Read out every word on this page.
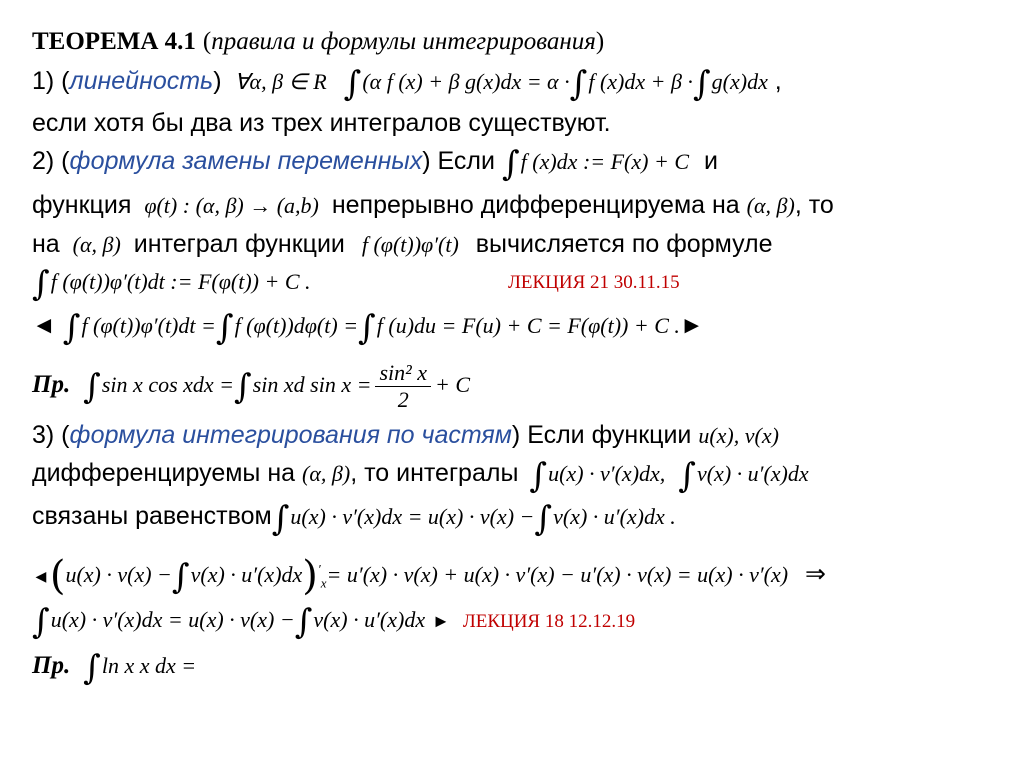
ТЕОРЕМА 4.1 (правила и формулы интегрирования)
1) (линейность) ∀α, β ∈ R ∫(α f (x) + β g(x)dx = α ·∫f (x)dx + β ·∫g(x)dx ,
если хотя бы два из трех интегралов существуют.
2) (формула замены переменных) Если ∫f (x)dx := F(x) + C и
функция φ(t) : (α, β) → (a,b) непрерывно дифференцируема на (α, β), то
на (α, β) интеграл функции f (φ(t))φ′(t) вычисляется по формуле
∫f (φ(t))φ′(t)dt := F(φ(t)) + C .	ЛЕКЦИЯ 21 30.11.15
◄ ∫f (φ(t))φ′(t)dt =∫f (φ(t))dφ(t) =∫f (u)du = F(u) + C = F(φ(t)) + C .►
Пр. ∫sin x cos xdx =∫sin xd $\sin x = \frac{\text{sin² x}}{2} + C$
3) (формула интегрирования по частям) Если функции u(x), v(x)
дифференцируемы на (α, β), то интегралы ∫u(x) · v′(x)dx, ∫v(x) · u′(x)dx
связаны равенством∫u(x) · v′(x)dx = u(x) · v(x) −∫v(x) · u′(x)dx .
◄(u(x) · $v(x) -\int v(x) \cdot u'(x)dx)'_x= u'(x) \cdot v(x) + u(x) \cdot v'(x) - u'(x) \cdot v(x) = u(x) \cdot v'(x)$ ⇒
∫u(x) · v′(x)dx = u(x) · v(x) −∫v(x) · u′(x)dx ► ЛЕКЦИЯ 18 12.12.19
Пр. ∫ln x x dx =
